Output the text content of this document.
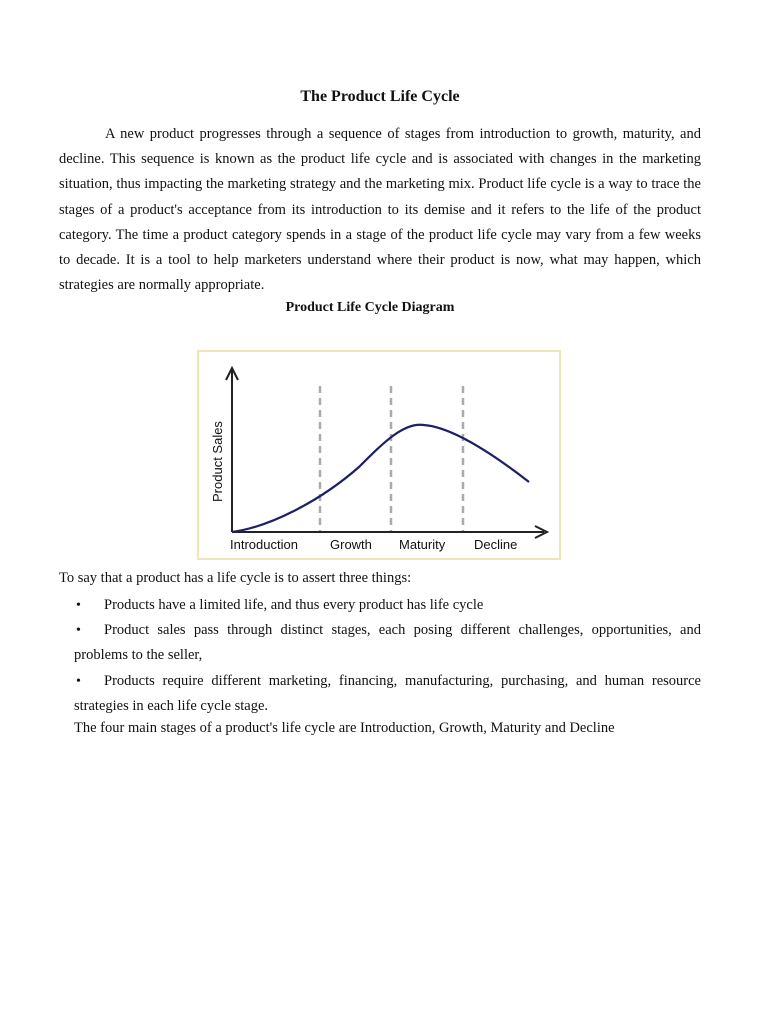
The Product Life Cycle

A new product progresses through a sequence of stages from introduction to growth, maturity, and decline. This sequence is known as the product life cycle and is associated with changes in the marketing situation, thus impacting the marketing strategy and the marketing mix. Product life cycle is a way to trace the stages of a product's acceptance from its introduction to its demise and it refers to the life of the product category. The time a product category spends in a stage of the product life cycle may vary from a few weeks to decade. It is a tool to help marketers understand where their product is now, what may happen, which strategies are normally appropriate.

Product Life Cycle Diagram
Product Sales
Introduction Growth Maturity Decline

To say that a product has a life cycle is to assert three things:

• Products have a limited life, and thus every product has life cycle
• Product sales pass through distinct stages, each posing different challenges, opportunities, and problems to the seller,
• Products require different marketing, financing, manufacturing, purchasing, and human resource strategies in each life cycle stage.

The four main stages of a product's life cycle are Introduction, Growth, Maturity and Decline
